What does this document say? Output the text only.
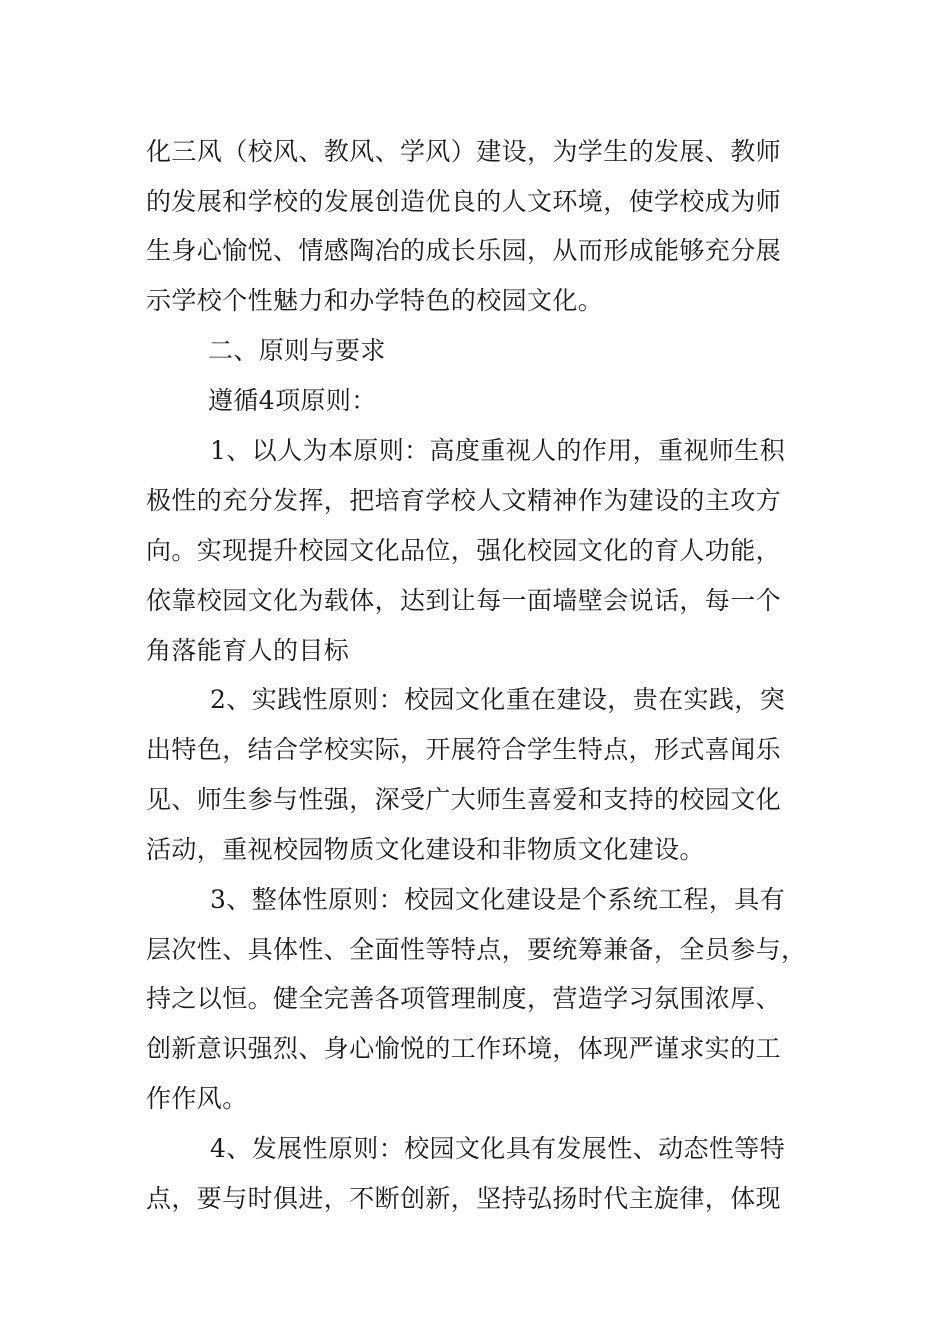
化三风（校风、教风、学风）建设，为学生的发展、教师
的发展和学校的发展创造优良的人文环境，使学校成为师
生身心愉悦、情感陶冶的成长乐园，从而形成能够充分展
示学校个性魅力和办学特色的校园文化。
二、原则与要求
遵循4项原则：
1、以人为本原则：高度重视人的作用，重视师生积
极性的充分发挥，把培育学校人文精神作为建设的主攻方
向。实现提升校园文化品位，强化校园文化的育人功能，
依靠校园文化为载体，达到让每一面墙壁会说话，每一个
角落能育人的目标
2、实践性原则：校园文化重在建设，贵在实践，突
出特色，结合学校实际，开展符合学生特点，形式喜闻乐
见、师生参与性强，深受广大师生喜爱和支持的校园文化
活动，重视校园物质文化建设和非物质文化建设。
3、整体性原则：校园文化建设是个系统工程，具有
层次性、具体性、全面性等特点，要统筹兼备，全员参与，
持之以恒。健全完善各项管理制度，营造学习氛围浓厚、
创新意识强烈、身心愉悦的工作环境，体现严谨求实的工
作作风。
4、发展性原则：校园文化具有发展性、动态性等特
点，要与时俱进，不断创新，坚持弘扬时代主旋律，体现
